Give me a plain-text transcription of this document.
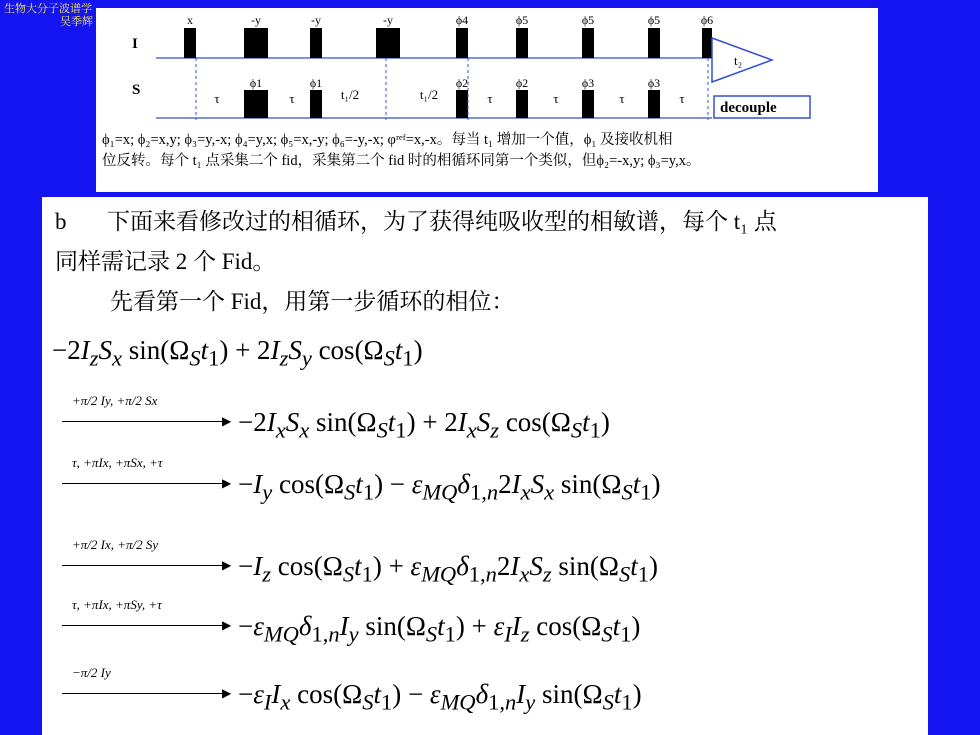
生物大分子波谱学
吴季辉
I
S
x	-y	-y	-y	ϕ4	ϕ5	ϕ5	ϕ5	ϕ6
ϕ1	ϕ1	ϕ2	ϕ2	ϕ3	ϕ3
τ	τ	t₁/2	t₁/2	τ	τ	τ	τ
t₂
decouple
ϕ₁=x; ϕ₂=x,y; ϕ₃=y,-x; ϕ₄=y,x; ϕ₅=x,-y; ϕ₆=-y,-x; φʳᵉᶠ=x,-x。每当 t₁ 增加一个值，ϕ₁ 及接收机相
位反转。每个 t₁ 点采集二个 fid，采集第二个 fid 时的相循环同第一个类似，但ϕ₂=-x,y; ϕ₃=y,x。
b 下面来看修改过的相循环，为了获得纯吸收型的相敏谱，每个 t₁ 点
同样需记录 2 个 Fid。
先看第一个 Fid，用第一步循环的相位：
$-2I_zS_x$ $\sin(\Omega_St_1) + 2I_zS_y$ $\cos(\Omega_St_1)$
+π/2 Iy, +π/2 Sx
▶ $-2I_xS_x$ $\sin(\Omega_St_1) + 2I_xS_z$ $\cos(\Omega_St_1)$
τ, +πIx, +πSx, +τ
▶ $-I_y$ $\cos(\Omega_St_1) - \varepsilon_{MQ}\delta_{1,n}2I_xS_x$ $\sin(\Omega_St_1)$
+π/2 Ix, +π/2 Sy
▶ $-I_z$ $\cos(\Omega_St_1) + \varepsilon_{MQ}\delta_{1,n}2I_xS_z$ $\sin(\Omega_St_1)$
τ, +πIx, +πSy, +τ
▶ $-\varepsilon_{MQ}\delta_{1,n}I_y$ $\sin(\Omega_St_1) + \varepsilon_II_z$ $\cos(\Omega_St_1)$
−π/2 Iy
▶ $-\varepsilon_II_x$ $\cos(\Omega_St_1) - \varepsilon_{MQ}\delta_{1,n}I_y$ $\sin(\Omega_St_1)$
